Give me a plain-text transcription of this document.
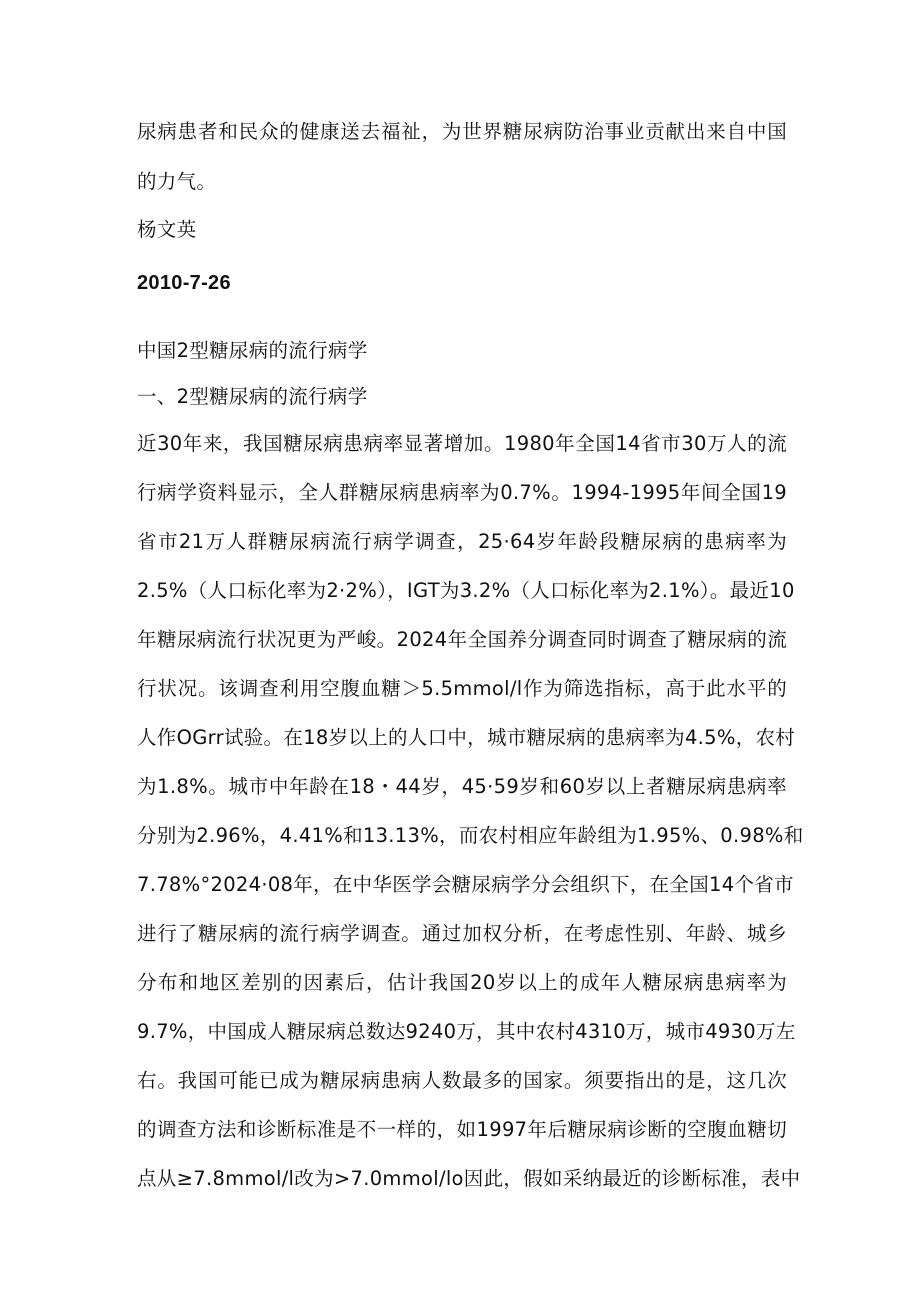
尿病患者和民众的健康送去福祉，为世界糖尿病防治事业贡献出来自中国
的力气。
杨文英
2010-7-26
中国2型糖尿病的流行病学
一、2型糖尿病的流行病学
近30年来，我国糖尿病患病率显著增加。1980年全国14省市30万人的流
行病学资料显示，全人群糖尿病患病率为0.7%。1994-1995年间全国19
省市21万人群糖尿病流行病学调查，25·64岁年龄段糖尿病的患病率为
2.5%（人口标化率为2·2%），IGT为3.2%（人口标化率为2.1%）。最近10
年糖尿病流行状况更为严峻。2024年全国养分调查同时调查了糖尿病的流
行状况。该调查利用空腹血糖＞5.5mmol/l作为筛选指标，高于此水平的
人作OGrr试验。在18岁以上的人口中，城市糖尿病的患病率为4.5%，农村
为1.8%。城市中年龄在18・44岁，45·59岁和60岁以上者糖尿病患病率
分别为2.96%，4.41%和13.13%，而农村相应年龄组为1.95%、0.98%和
7.78%°2024·08年，在中华医学会糖尿病学分会组织下，在全国14个省市
进行了糖尿病的流行病学调查。通过加权分析，在考虑性别、年龄、城乡
分布和地区差别的因素后，估计我国20岁以上的成年人糖尿病患病率为
9.7%，中国成人糖尿病总数达9240万，其中农村4310万，城市4930万左
右。我国可能已成为糖尿病患病人数最多的国家。须要指出的是，这几次
的调查方法和诊断标准是不一样的，如1997年后糖尿病诊断的空腹血糖切
点从≥7.8mmol/l改为>7.0mmol/lo因此，假如采纳最近的诊断标准，表中
